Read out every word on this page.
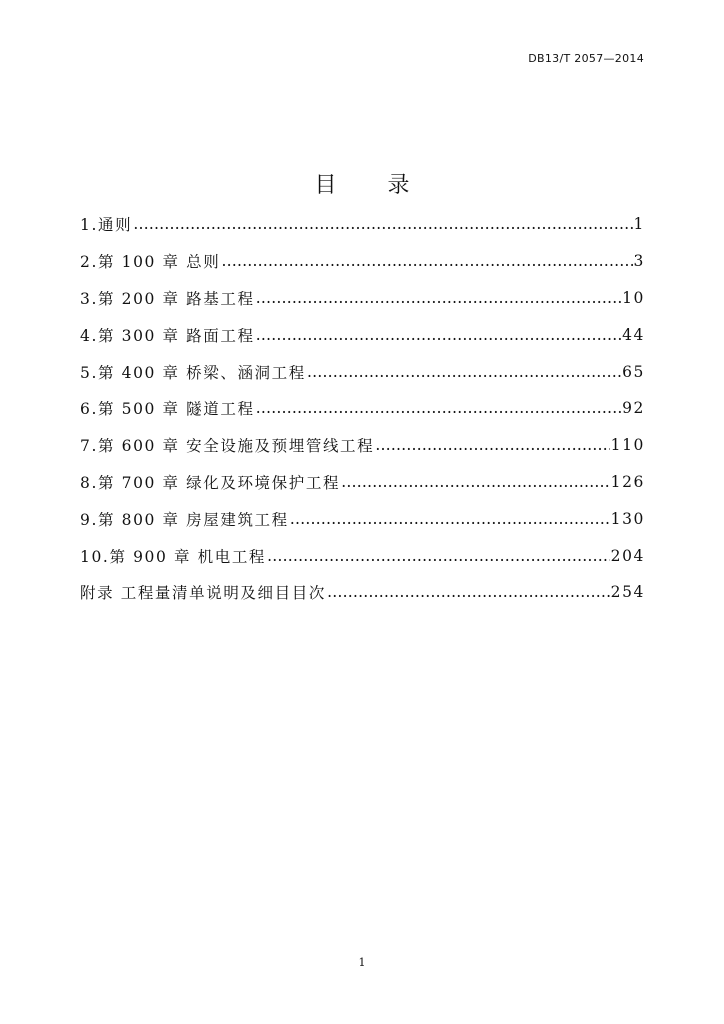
DB13/T 2057—2014
目 录
1.通则 …………………………………………………………………………………………………………………………………………………………	1
2.第 100 章 总则 …………………………………………………………………………………………………………………………………………………………	3
3.第 200 章 路基工程 …………………………………………………………………………………………………………………………………………………………	10
4.第 300 章 路面工程 …………………………………………………………………………………………………………………………………………………………	44
5.第 400 章 桥梁、涵洞工程 …………………………………………………………………………………………………………………………………………………………	65
6.第 500 章 隧道工程 …………………………………………………………………………………………………………………………………………………………	92
7.第 600 章 安全设施及预埋管线工程 …………………………………………………………………………………………………………………………………………………………	110
8.第 700 章 绿化及环境保护工程 …………………………………………………………………………………………………………………………………………………………	126
9.第 800 章 房屋建筑工程 …………………………………………………………………………………………………………………………………………………………	130
10.第 900 章 机电工程 …………………………………………………………………………………………………………………………………………………………	204
附录 工程量清单说明及细目目次 …………………………………………………………………………………………………………………………………………………………	254
1
